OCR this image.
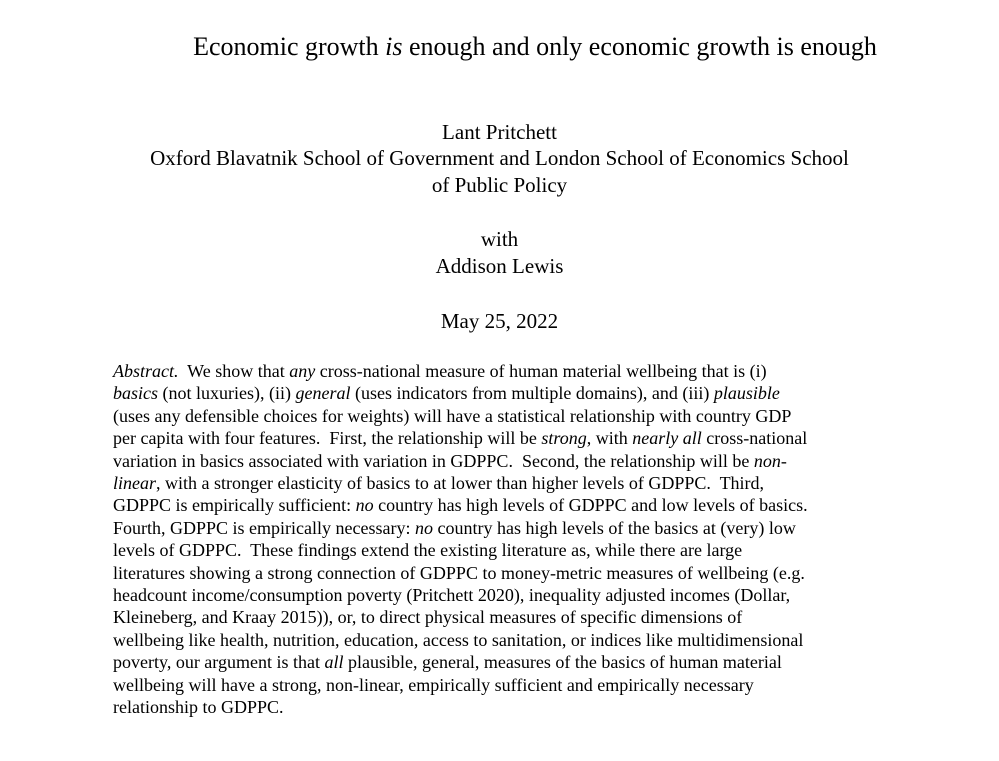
Economic growth is enough and only economic growth is enough
Lant Pritchett
Oxford Blavatnik School of Government and London School of Economics School
of Public Policy
with
Addison Lewis
May 25, 2022
Abstract.  We show that any cross-national measure of human material wellbeing that is (i)
basics (not luxuries), (ii) general (uses indicators from multiple domains), and (iii) plausible
(uses any defensible choices for weights) will have a statistical relationship with country GDP
per capita with four features.  First, the relationship will be strong, with nearly all cross-national
variation in basics associated with variation in GDPPC.  Second, the relationship will be non-
linear, with a stronger elasticity of basics to at lower than higher levels of GDPPC.  Third,
GDPPC is empirically sufficient: no country has high levels of GDPPC and low levels of basics.
Fourth, GDPPC is empirically necessary: no country has high levels of the basics at (very) low
levels of GDPPC.  These findings extend the existing literature as, while there are large
literatures showing a strong connection of GDPPC to money-metric measures of wellbeing (e.g.
headcount income/consumption poverty (Pritchett 2020), inequality adjusted incomes (Dollar,
Kleineberg, and Kraay 2015)), or, to direct physical measures of specific dimensions of
wellbeing like health, nutrition, education, access to sanitation, or indices like multidimensional
poverty, our argument is that all plausible, general, measures of the basics of human material
wellbeing will have a strong, non-linear, empirically sufficient and empirically necessary
relationship to GDPPC.
